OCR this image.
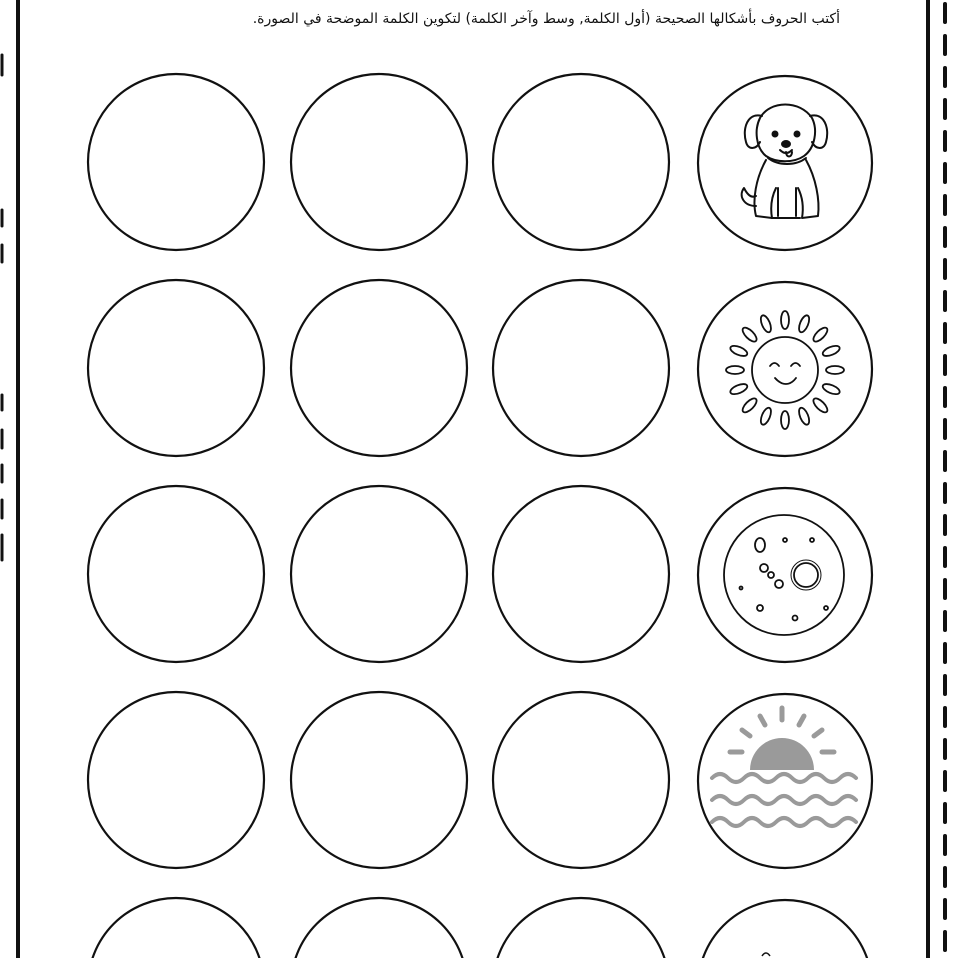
أكتب الحروف بأشكالها الصحيحة (أول الكلمة, وسط وآخر الكلمة) لتكوين الكلمة الموضحة في الصورة.
